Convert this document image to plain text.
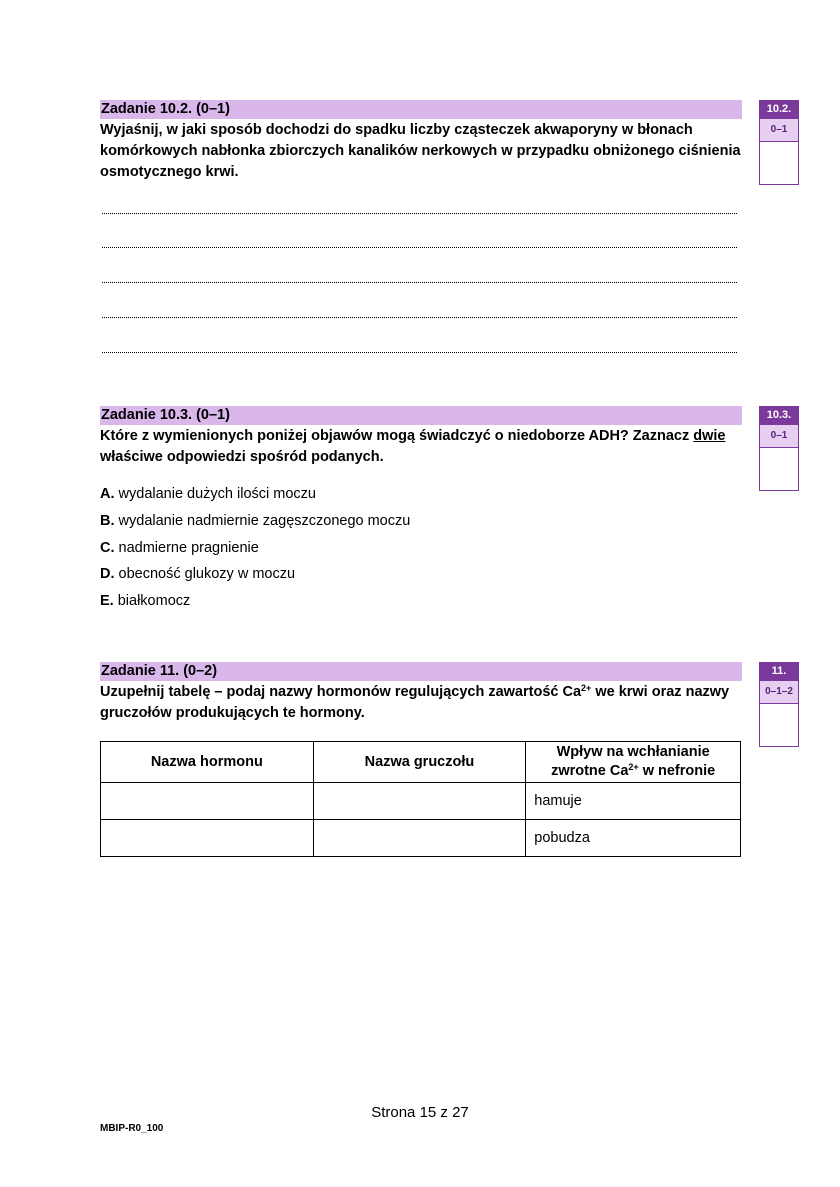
Zadanie 10.2. (0–1)
Wyjaśnij, w jaki sposób dochodzi do spadku liczby cząsteczek akwaporyny w błonach komórkowych nabłonka zbiorczych kanalików nerkowych w przypadku obniżonego ciśnienia osmotycznego krwi.
10.2.
0–1
Zadanie 10.3. (0–1)
Które z wymienionych poniżej objawów mogą świadczyć o niedoborze ADH? Zaznacz dwie właściwe odpowiedzi spośród podanych.
A. wydalanie dużych ilości moczu
B. wydalanie nadmiernie zagęszczonego moczu
C. nadmierne pragnienie
D. obecność glukozy w moczu
E. białkomocz
10.3.
0–1
Zadanie 11. (0–2)
Uzupełnij tabelę – podaj nazwy hormonów regulujących zawartość $Ca^{2+}$ we krwi oraz nazwy gruczołów produkujących te hormony.
11.
0–1–2
Nazwa hormonu	Nazwa gruczołu	Wpływ na wchłanianie
zwrotne $Ca^{2+}$ w nefronie
		hamuje
		pobudza
Strona 15 z 27
MBIP-R0_100
